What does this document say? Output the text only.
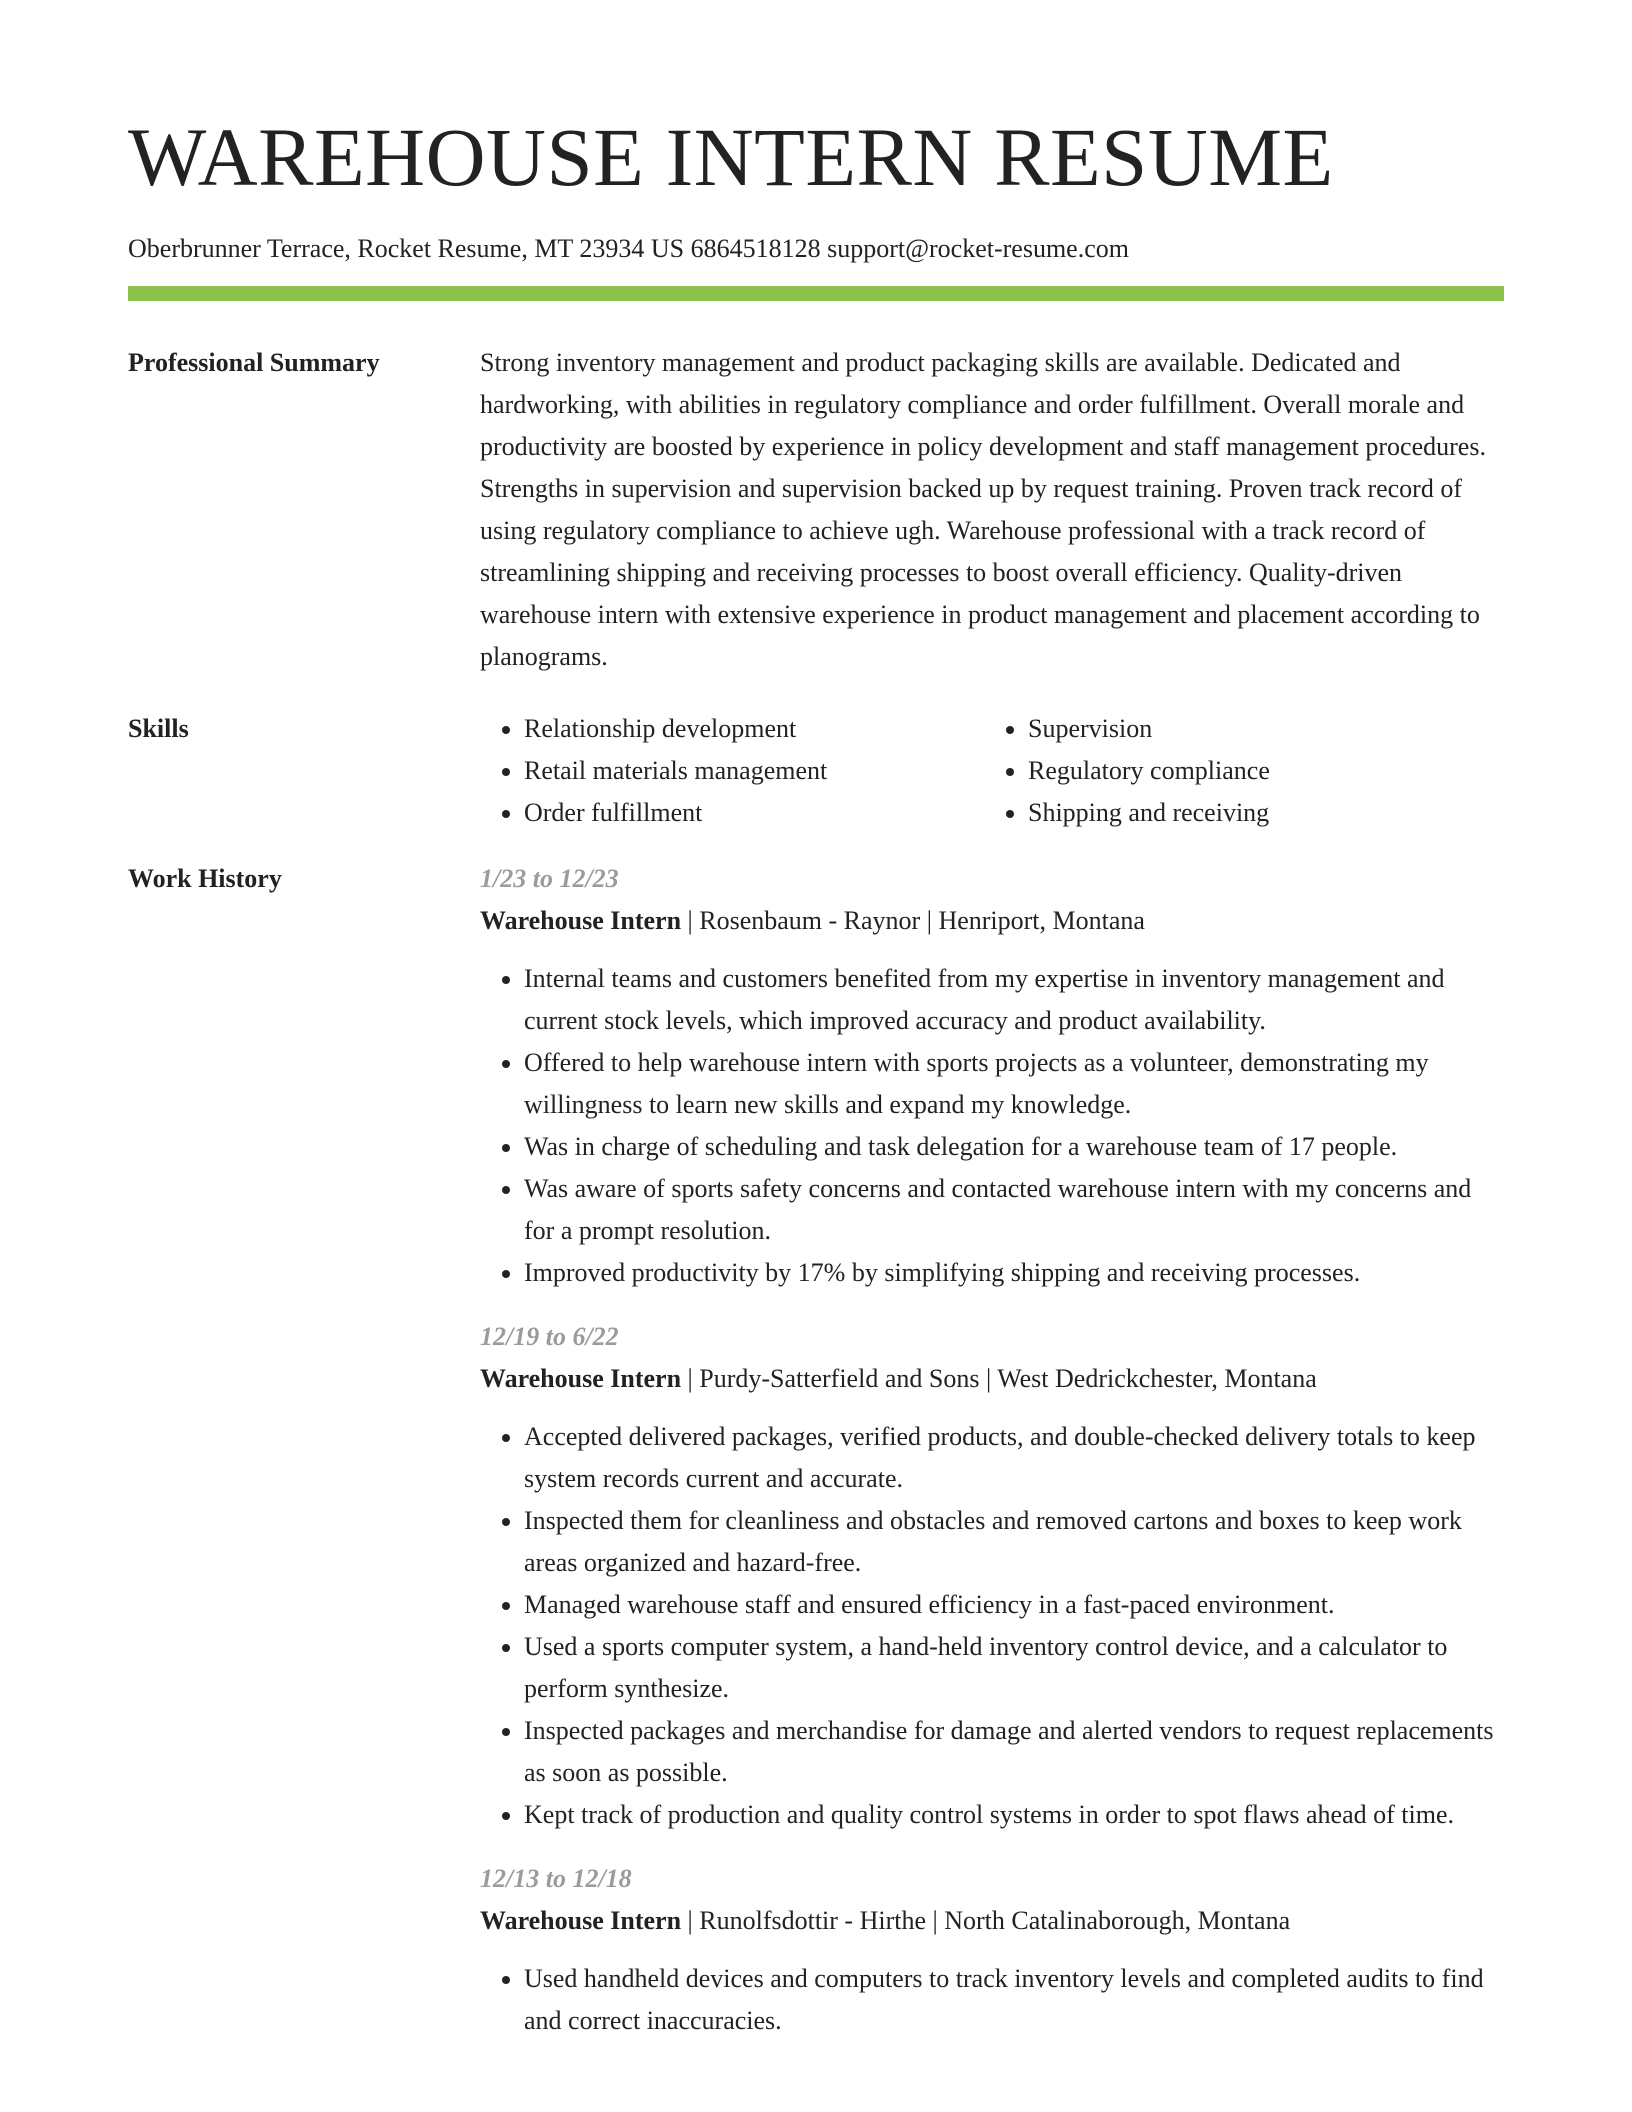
WAREHOUSE INTERN RESUME
Oberbrunner Terrace, Rocket Resume, MT 23934 US 6864518128 support@rocket-resume.com
Professional Summary	Strong inventory management and product packaging skills are available. Dedicated and hardworking, with abilities in regulatory compliance and order fulfillment. Overall morale and productivity are boosted by experience in policy development and staff management procedures. Strengths in supervision and supervision backed up by request training. Proven track record of using regulatory compliance to achieve ugh. Warehouse professional with a track record of streamlining shipping and receiving processes to boost overall efficiency. Quality-driven warehouse intern with extensive experience in product management and placement according to planograms.

Skills
•	Relationship development
• Retail materials management
• Order fulfillment
• Supervision
• Regulatory compliance
• Shipping and receiving
Work History	1/23 to 12/23
Warehouse Intern | Rosenbaum - Raynor | Henriport, Montana
• Internal teams and customers benefited from my expertise in inventory management and current stock levels, which improved accuracy and product availability.
• Offered to help warehouse intern with sports projects as a volunteer, demonstrating my willingness to learn new skills and expand my knowledge.
• Was in charge of scheduling and task delegation for a warehouse team of 17 people.
• Was aware of sports safety concerns and contacted warehouse intern with my concerns and for a prompt resolution.
• Improved productivity by 17% by simplifying shipping and receiving processes.
12/19 to 6/22
Warehouse Intern | Purdy-Satterfield and Sons | West Dedrickchester, Montana
• Accepted delivered packages, verified products, and double-checked delivery totals to keep system records current and accurate.
• Inspected them for cleanliness and obstacles and removed cartons and boxes to keep work areas organized and hazard-free.
• Managed warehouse staff and ensured efficiency in a fast-paced environment.
• Used a sports computer system, a hand-held inventory control device, and a calculator to perform synthesize.
• Inspected packages and merchandise for damage and alerted vendors to request replacements as soon as possible.
• Kept track of production and quality control systems in order to spot flaws ahead of time.
12/13 to 12/18
Warehouse Intern | Runolfsdottir - Hirthe | North Catalinaborough, Montana
• Used handheld devices and computers to track inventory levels and completed audits to find and correct inaccuracies.
